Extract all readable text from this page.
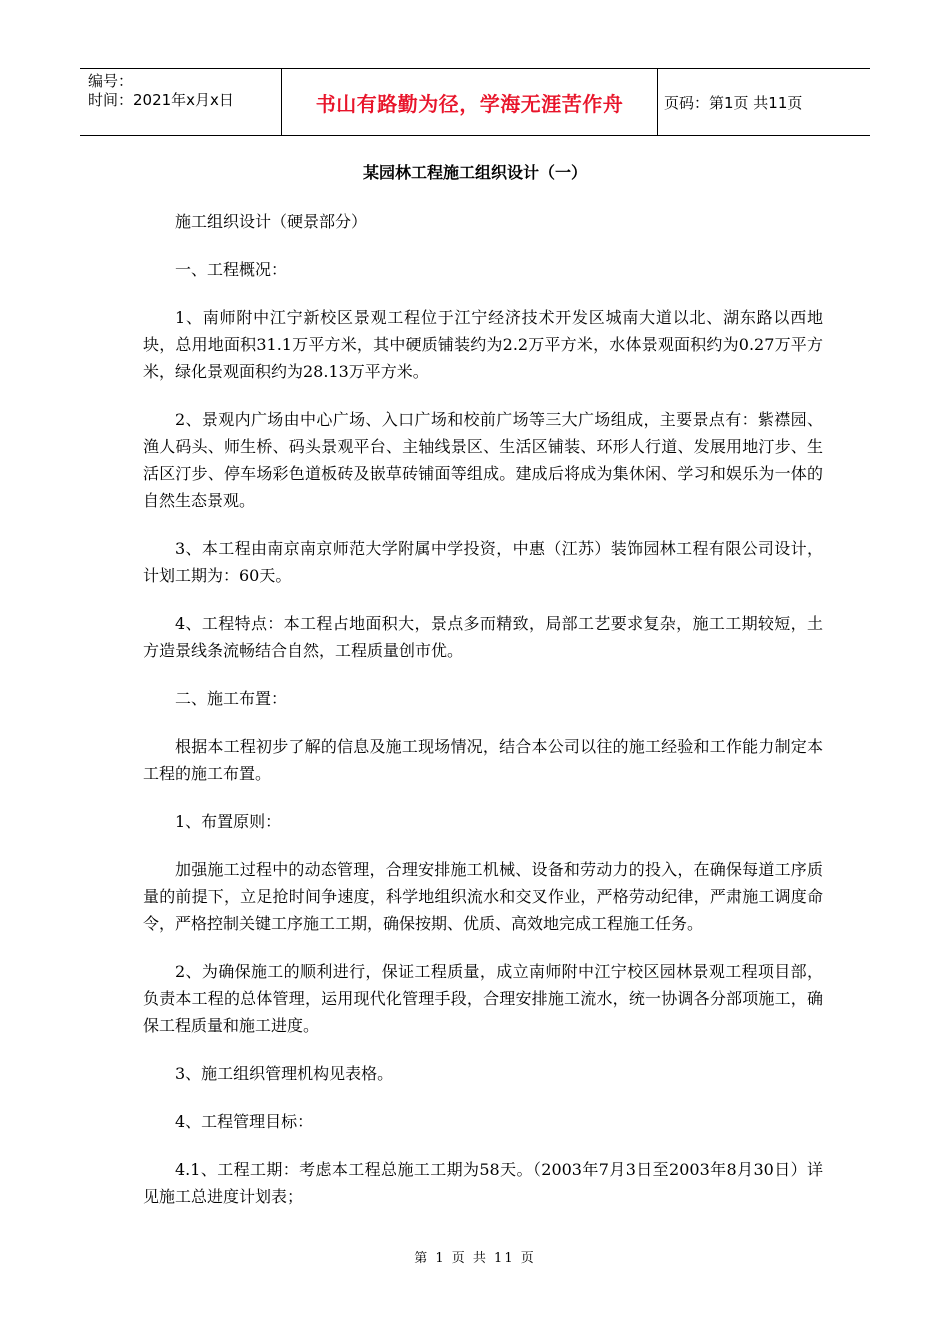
编号：
时间：2021年x月x日	书山有路勤为径，学海无涯苦作舟	页码：第1页 共11页
某园林工程施工组织设计（一）

施工组织设计（硬景部分）

一、工程概况：

1、南师附中江宁新校区景观工程位于江宁经济技术开发区城南大道以北、湖东路以西地块，总用地面积31.1万平方米，其中硬质铺装约为2.2万平方米，水体景观面积约为0.27万平方米，绿化景观面积约为28.13万平方米。

2、景观内广场由中心广场、入口广场和校前广场等三大广场组成，主要景点有：紫襟园、渔人码头、师生桥、码头景观平台、主轴线景区、生活区铺装、环形人行道、发展用地汀步、生活区汀步、停车场彩色道板砖及嵌草砖铺面等组成。建成后将成为集休闲、学习和娱乐为一体的自然生态景观。

3、本工程由南京南京师范大学附属中学投资，中惠（江苏）装饰园林工程有限公司设计，计划工期为：60天。

4、工程特点：本工程占地面积大，景点多而精致，局部工艺要求复杂，施工工期较短，土方造景线条流畅结合自然，工程质量创市优。

二、施工布置：

根据本工程初步了解的信息及施工现场情况，结合本公司以往的施工经验和工作能力制定本工程的施工布置。

1、布置原则：

加强施工过程中的动态管理，合理安排施工机械、设备和劳动力的投入，在确保每道工序质量的前提下，立足抢时间争速度，科学地组织流水和交叉作业，严格劳动纪律，严肃施工调度命令，严格控制关键工序施工工期，确保按期、优质、高效地完成工程施工任务。

2、为确保施工的顺利进行，保证工程质量，成立南师附中江宁校区园林景观工程项目部，负责本工程的总体管理，运用现代化管理手段，合理安排施工流水，统一协调各分部项施工，确保工程质量和施工进度。

3、施工组织管理机构见表格。

4、工程管理目标：

4.1、工程工期：考虑本工程总施工工期为58天。（2003年7月3日至2003年8月30日）详见施工总进度计划表；

第 1 页 共 11 页
